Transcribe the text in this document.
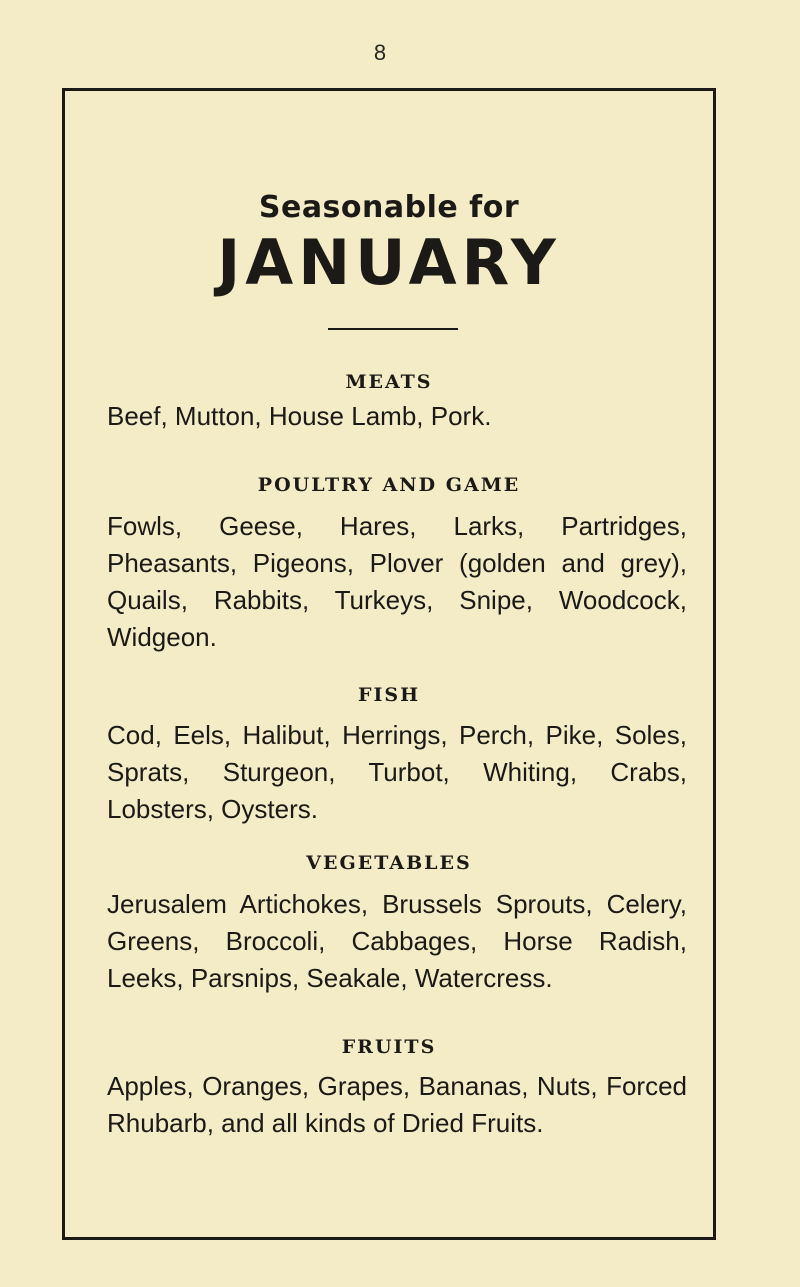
8
Seasonable for
JANUARY
MEATS
Beef, Mutton, House Lamb, Pork.
POULTRY AND GAME
Fowls, Geese, Hares, Larks, Partridges, Pheasants, Pigeons, Plover (golden and grey), Quails, Rabbits, Turkeys, Snipe, Woodcock, Widgeon.
FISH
Cod, Eels, Halibut, Herrings, Perch, Pike, Soles, Sprats, Sturgeon, Turbot, Whiting, Crabs, Lobsters, Oysters.
VEGETABLES
Jerusalem Artichokes, Brussels Sprouts, Celery, Greens, Broccoli, Cabbages, Horse Radish, Leeks, Parsnips, Seakale, Watercress.
FRUITS
Apples, Oranges, Grapes, Bananas, Nuts, Forced Rhubarb, and all kinds of Dried Fruits.
